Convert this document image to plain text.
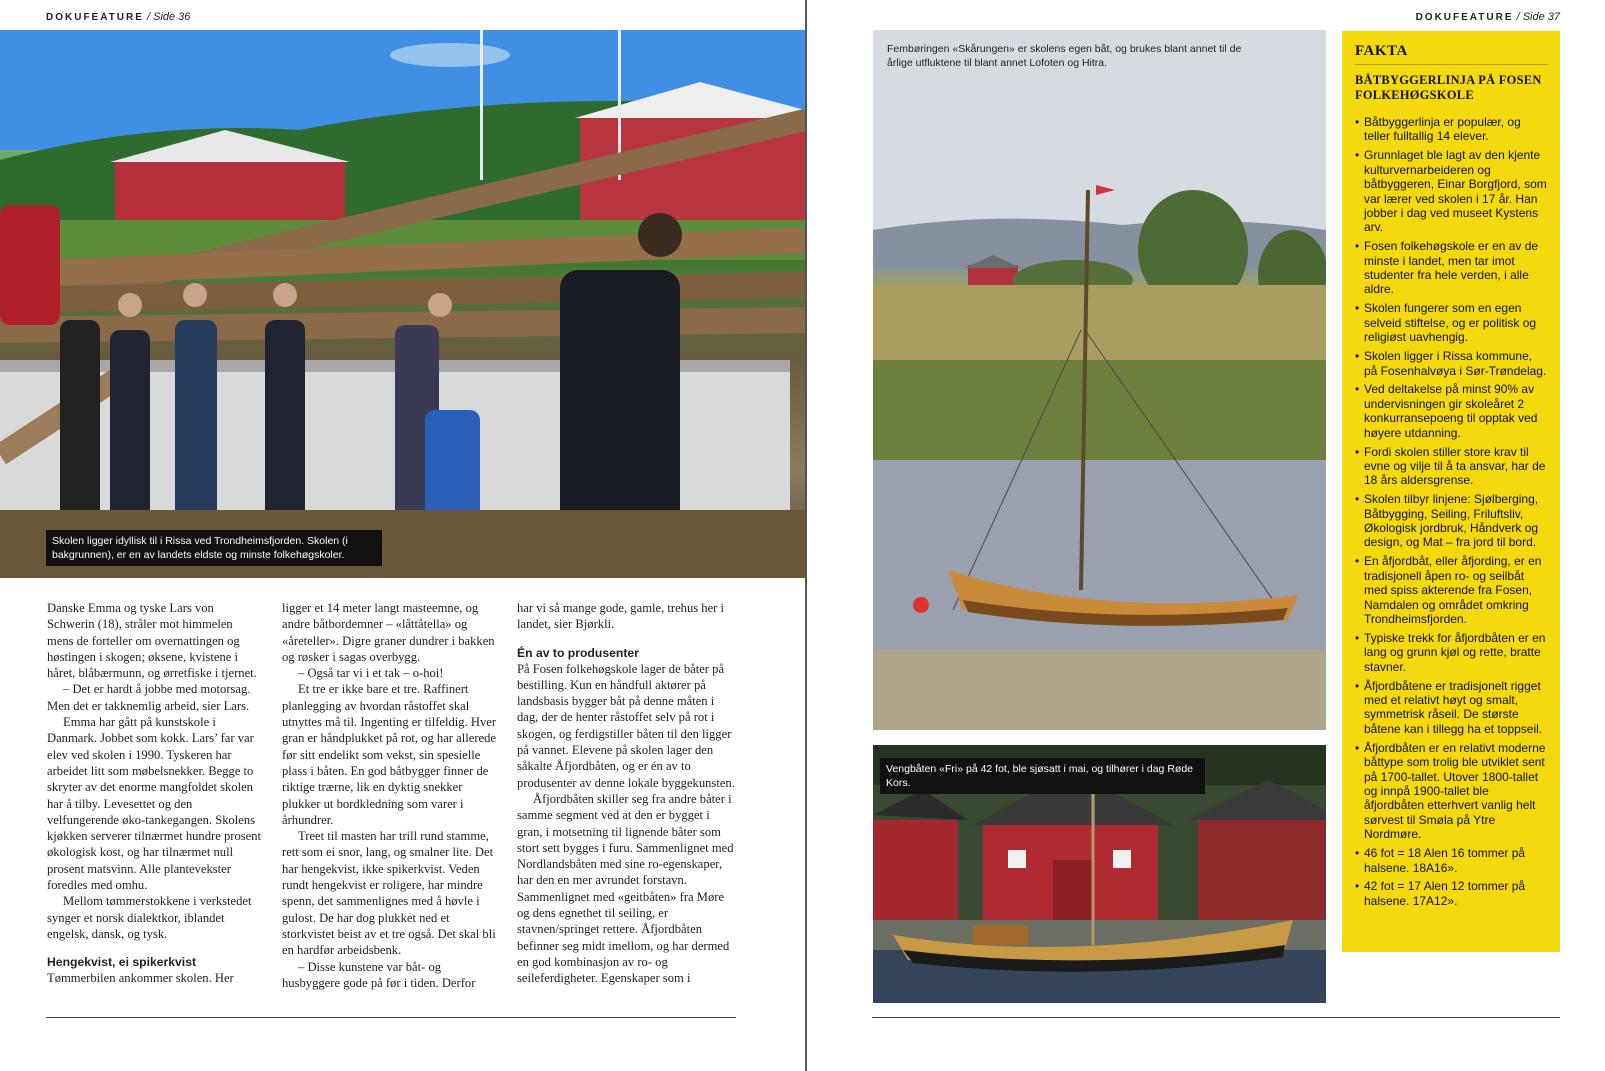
DOKUFEATURE / Side 36
Skolen ligger idyllisk til i Rissa ved Trondheimsfjorden. Skolen (i bakgrunnen), er en av landets eldste og minste folkehøgskoler.

Danske Emma og tyske Lars von Schwerin (18), stråler mot himmelen mens de forteller om overnattingen og høstingen i skogen; øksene, kvistene i håret, blåbærmunn, og ørretfiske i tjernet.

– Det er hardt å jobbe med motorsag. Men det er takknemlig arbeid, sier Lars.

Emma har gått på kunstskole i Danmark. Jobbet som kokk. Lars’ far var elev ved skolen i 1990. Tyskeren har arbeidet litt som møbelsnekker. Begge to skryter av det enorme mangfoldet skolen har å tilby. Levesettet og den velfungerende øko-tankegangen. Skolens kjøkken serverer tilnærmet hundre prosent økologisk kost, og har tilnærmet null prosent matsvinn. Alle plantevekster foredles med omhu.

Mellom tømmerstokkene i verkstedet synger et norsk dialektkor, iblandet engelsk, dansk, og tysk.

Hengekvist, ei spikerkvist

Tømmerbilen ankommer skolen. Her

ligger et 14 meter langt masteemne, og andre båtbordemner – «låttåtella» og «åreteller». Digre graner dundrer i bakken og røsker i sagas overbygg.

– Også tar vi i et tak – o-hoi!

Et tre er ikke bare et tre. Raffinert planlegging av hvordan råstoffet skal utnyttes må til. Ingenting er tilfeldig. Hver gran er håndplukket på rot, og har allerede før sitt endelikt som vekst, sin spesielle plass i båten. En god båtbygger finner de riktige trærne, lik en dyktig snekker plukker ut bordkledning som varer i århundrer.

Treet til masten har trill rund stamme, rett som ei snor, lang, og smalner lite. Det har hengekvist, ikke spikerkvist. Veden rundt hengekvist er roligere, har mindre spenn, det sammenlignes med å høvle i gulost. De har dog plukket ned et storkvistet beist av et tre også. Det skal bli en hardfør arbeidsbenk.

– Disse kunstene var båt- og husbyggere gode på før i tiden. Derfor

har vi så mange gode, gamle, trehus her i landet, sier Bjørkli.

Én av to produsenter

På Fosen folkehøgskole lager de båter på bestilling. Kun en håndfull aktører på landsbasis bygger båt på denne måten i dag, der de henter råstoffet selv på rot i skogen, og ferdigstiller båten til den ligger på vannet. Elevene på skolen lager den såkalte Åfjordbåten, og er én av to produsenter av denne lokale byggekunsten.

Åfjordbåten skiller seg fra andre båter i samme segment ved at den er bygget i gran, i motsetning til lignende båter som stort sett bygges i furu. Sammenlignet med Nordlandsbåten med sine ro-egenskaper, har den en mer avrundet forstavn. Sammenlignet med «geitbåten» fra Møre og dens egnethet til seiling, er stavnen/springet rettere. Åfjordbåten befinner seg midt imellom, og har dermed en god kombinasjon av ro- og seileferdigheter. Egenskaper som i

DOKUFEATURE / Side 37
Fembøringen «Skårungen» er skolens egen båt, og brukes blant annet til de årlige utfluktene til blant annet Lofoten og Hitra.
Vengbåten «Fri» på 42 fot, ble sjøsatt i mai, og tilhører i dag Røde Kors.
FAKTA
BÅTBYGGERLINJA PÅ FOSEN FOLKEHØGSKOLE
• Båtbyggerlinja er populær, og teller fulltallig 14 elever.
• Grunnlaget ble lagt av den kjente kulturvernarbeideren og båtbyggeren, Einar Borgfjord, som var lærer ved skolen i 17 år. Han jobber i dag ved museet Kystens arv.
• Fosen folkehøgskole er en av de minste i landet, men tar imot studenter fra hele verden, i alle aldre.
• Skolen fungerer som en egen selveid stiftelse, og er politisk og religiøst uavhengig.
• Skolen ligger i Rissa kommune, på Fosenhalvøya i Sør-Trøndelag.
• Ved deltakelse på minst 90% av undervisningen gir skoleåret 2 konkurransepoeng til opptak ved høyere utdanning.
• Fordi skolen stiller store krav til evne og vilje til å ta ansvar, har de 18 års aldersgrense.
• Skolen tilbyr linjene: Sjølberging, Båtbygging, Seiling, Friluftsliv, Økologisk jordbruk, Håndverk og design, og Mat – fra jord til bord.
• En åfjordbåt, eller åfjording, er en tradisjonell åpen ro- og seilbåt med spiss akterende fra Fosen, Namdalen og området omkring Trondheimsfjorden.
• Typiske trekk for åfjordbåten er en lang og grunn kjøl og rette, bratte stavner.
• Åfjordbåtene er tradisjonelt rigget med et relativt høyt og smalt, symmetrisk råseil. De største båtene kan i tillegg ha et toppseil.
• Åfjordbåten er en relativt moderne båttype som trolig ble utviklet sent på 1700-tallet. Utover 1800-tallet og innpå 1900-tallet ble åfjordbåten etterhvert vanlig helt sørvest til Smøla på Ytre Nordmøre.
• 46 fot = 18 Alen 16 tommer på halsene. 18A16».
• 42 fot = 17 Alen 12 tommer på halsene. 17A12».
